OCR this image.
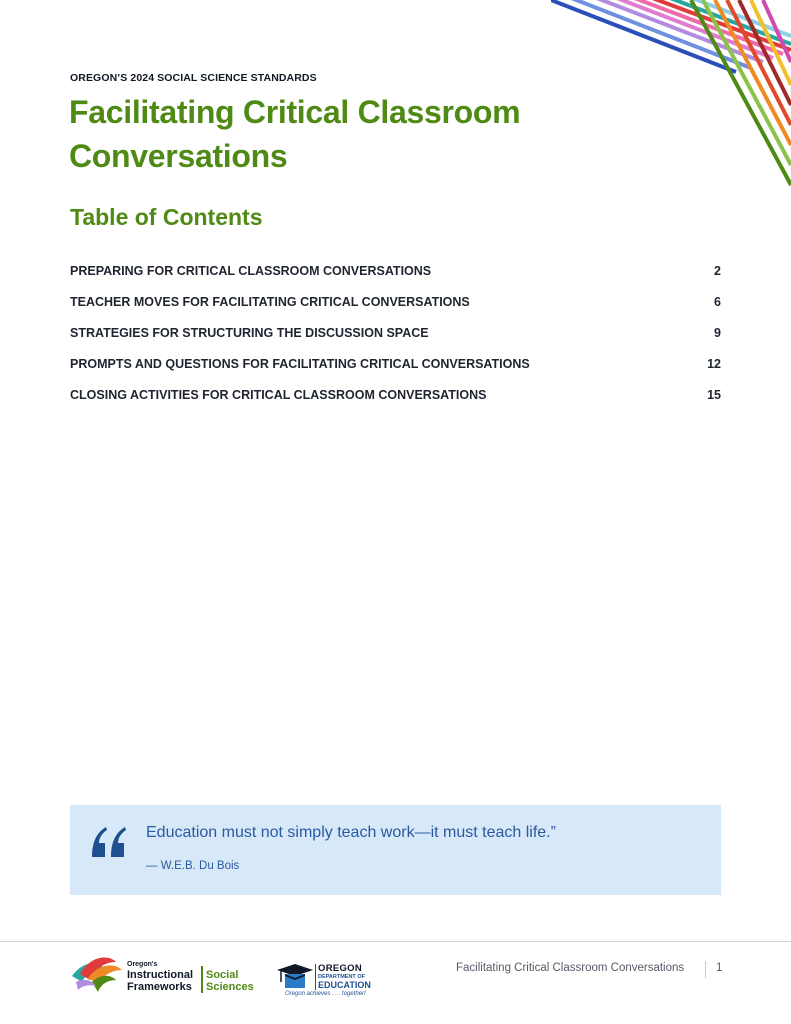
OREGON’S 2024 SOCIAL SCIENCE STANDARDS
Facilitating Critical Classroom Conversations
Table of Contents
PREPARING FOR CRITICAL CLASSROOM CONVERSATIONS	2
TEACHER MOVES FOR FACILITATING CRITICAL CONVERSATIONS	6
STRATEGIES FOR STRUCTURING THE DISCUSSION SPACE	9
PROMPTS AND QUESTIONS FOR FACILITATING CRITICAL CONVERSATIONS	12
CLOSING ACTIVITIES FOR CRITICAL CLASSROOM CONVERSATIONS	15
Education must not simply teach work—it must teach life.”
— W.E.B. Du Bois
Oregon's
Instructional
Frameworks
Social
Sciences
OREGON
DEPARTMENT OF
EDUCATION
Oregon achieves . . . together!
Facilitating Critical Classroom Conversations	1
